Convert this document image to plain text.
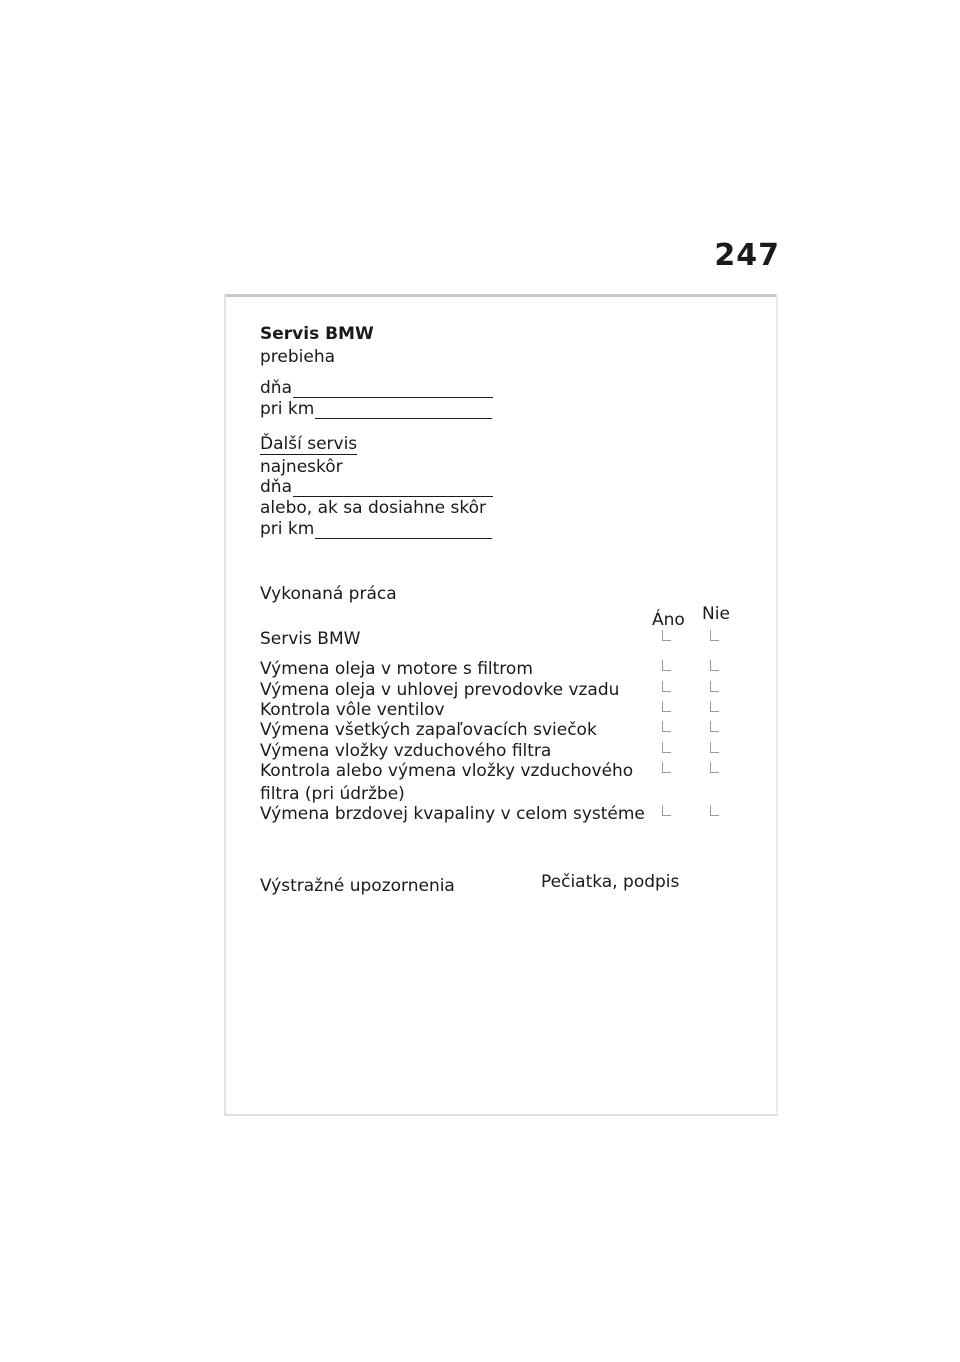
247
Servis BMW
prebieha
dňa
pri km
Ďalší servis
najneskôr
dňa
alebo, ak sa dosiahne skôr
pri km
Vykonaná práca
Áno Nie
Servis BMW
Výmena oleja v motore s filtrom
Výmena oleja v uhlovej prevodovke vzadu
Kontrola vôle ventilov
Výmena všetkých zapaľovacích sviečok
Výmena vložky vzduchového filtra
Kontrola alebo výmena vložky vzduchového
filtra (pri údržbe)
Výmena brzdovej kvapaliny v celom systéme
Výstražné upozornenia	Pečiatka, podpis
